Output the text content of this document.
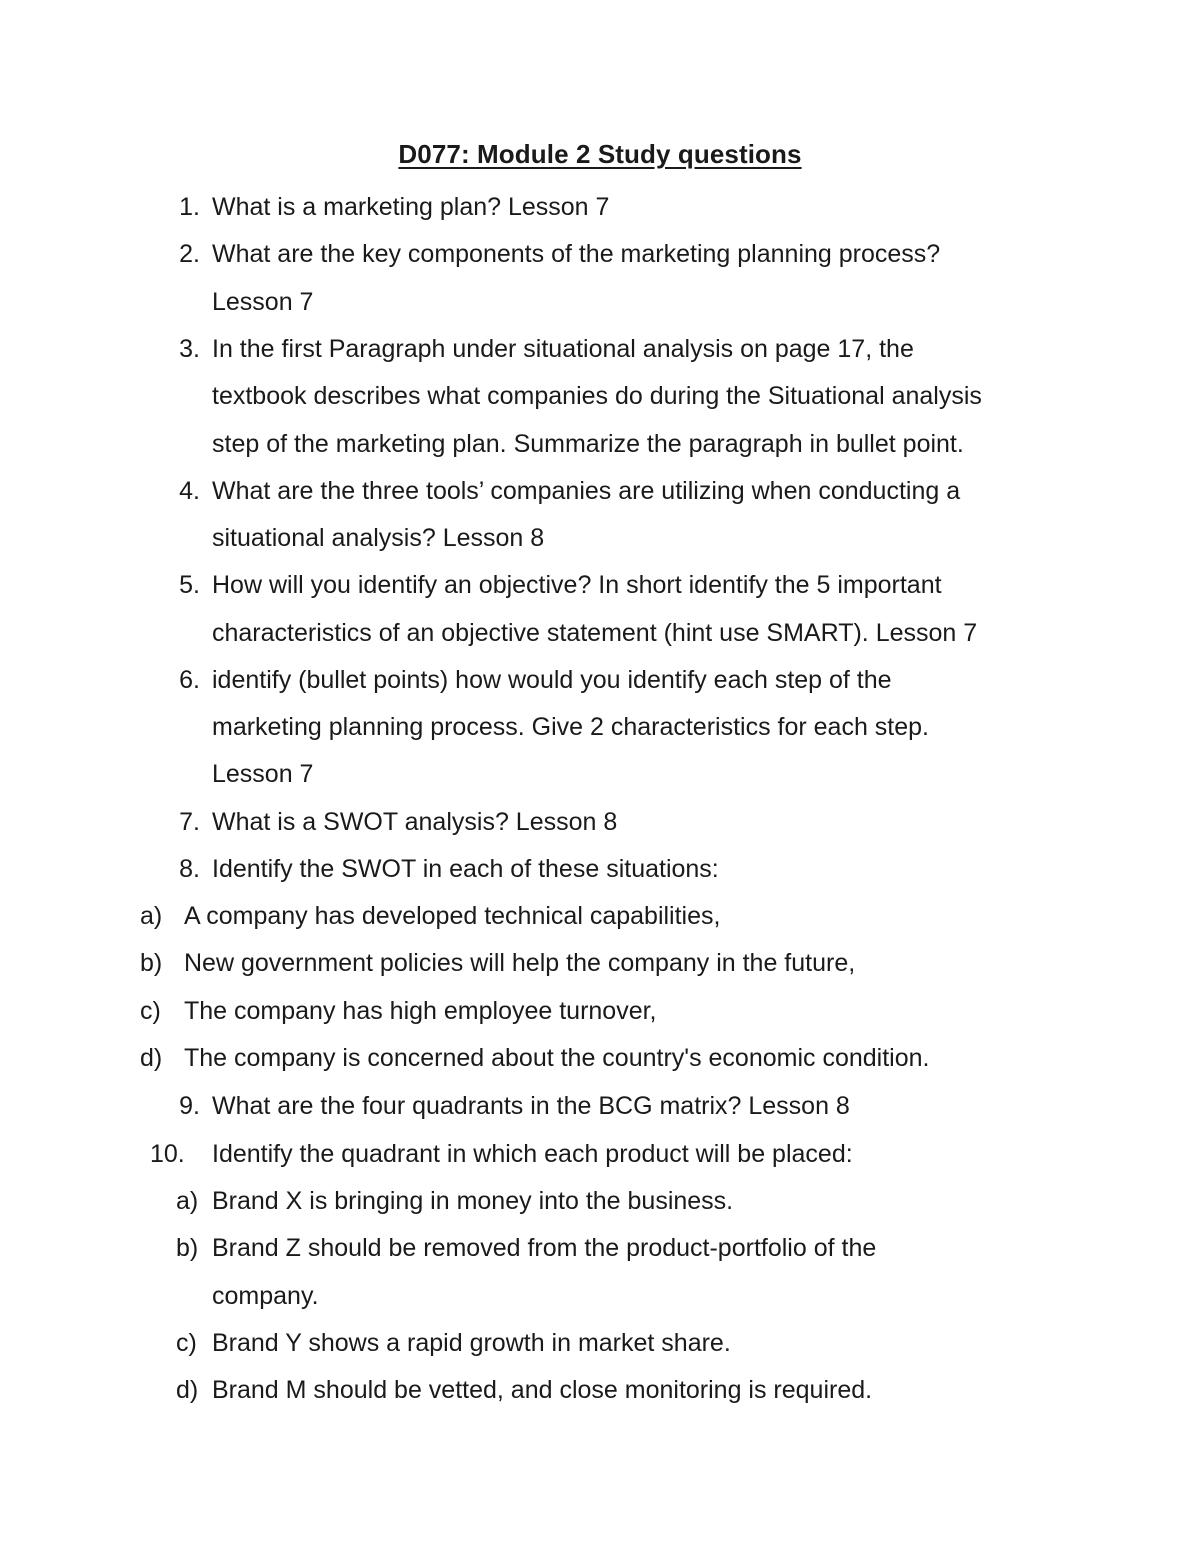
D077: Module 2 Study questions
1. What is a marketing plan? Lesson 7

2. What are the key components of the marketing planning process?

Lesson 7

3. In the first Paragraph under situational analysis on page 17, the

textbook describes what companies do during the Situational analysis

step of the marketing plan. Summarize the paragraph in bullet point.

4. What are the three tools’ companies are utilizing when conducting a

situational analysis? Lesson 8

5. How will you identify an objective? In short identify the 5 important

characteristics of an objective statement (hint use SMART). Lesson 7

6. identify (bullet points) how would you identify each step of the

marketing planning process. Give 2 characteristics for each step.

Lesson 7

7. What is a SWOT analysis? Lesson 8

8. Identify the SWOT in each of these situations:

a) A company has developed technical capabilities,

b) New government policies will help the company in the future,

c) The company has high employee turnover,

d) The company is concerned about the country's economic condition.

9. What are the four quadrants in the BCG matrix? Lesson 8

10.	Identify the quadrant in which each product will be placed:

a) Brand X is bringing in money into the business.

b) Brand Z should be removed from the product-portfolio of the

company.

c) Brand Y shows a rapid growth in market share.

d) Brand M should be vetted, and close monitoring is required.
